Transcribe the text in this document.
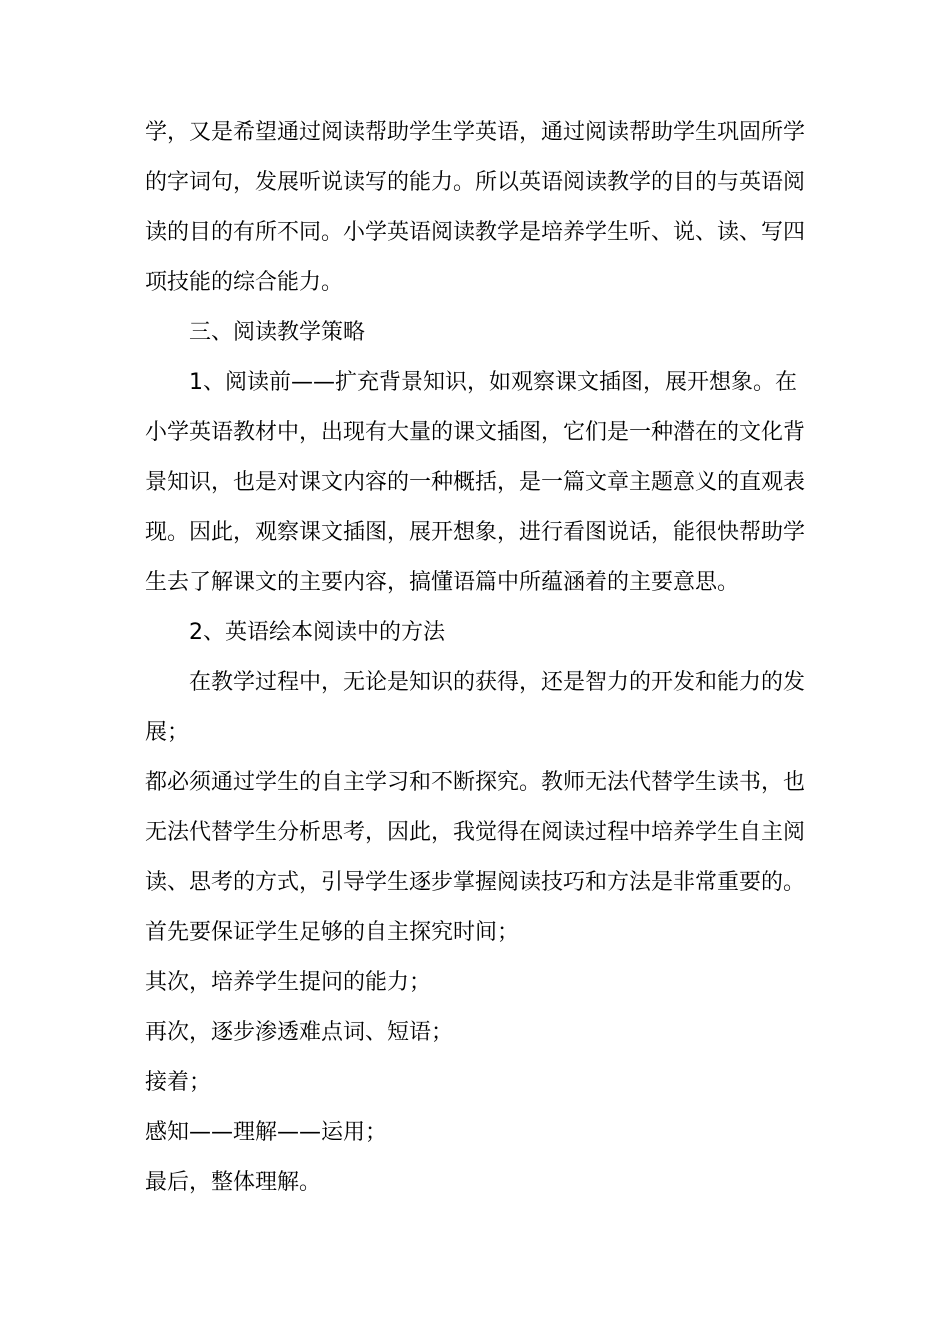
学，又是希望通过阅读帮助学生学英语，通过阅读帮助学生巩固所学
的字词句，发展听说读写的能力。所以英语阅读教学的目的与英语阅
读的目的有所不同。小学英语阅读教学是培养学生听、说、读、写四
项技能的综合能力。
三、阅读教学策略
1、阅读前——扩充背景知识，如观察课文插图，展开想象。在
小学英语教材中，出现有大量的课文插图，它们是一种潜在的文化背
景知识，也是对课文内容的一种概括，是一篇文章主题意义的直观表
现。因此，观察课文插图，展开想象，进行看图说话，能很快帮助学
生去了解课文的主要内容，搞懂语篇中所蕴涵着的主要意思。
2、英语绘本阅读中的方法
在教学过程中，无论是知识的获得，还是智力的开发和能力的发
展；
都必须通过学生的自主学习和不断探究。教师无法代替学生读书，也
无法代替学生分析思考，因此，我觉得在阅读过程中培养学生自主阅
读、思考的方式，引导学生逐步掌握阅读技巧和方法是非常重要的。
首先要保证学生足够的自主探究时间；
其次，培养学生提问的能力；
再次，逐步渗透难点词、短语；
接着；
感知——理解——运用；
最后，整体理解。
